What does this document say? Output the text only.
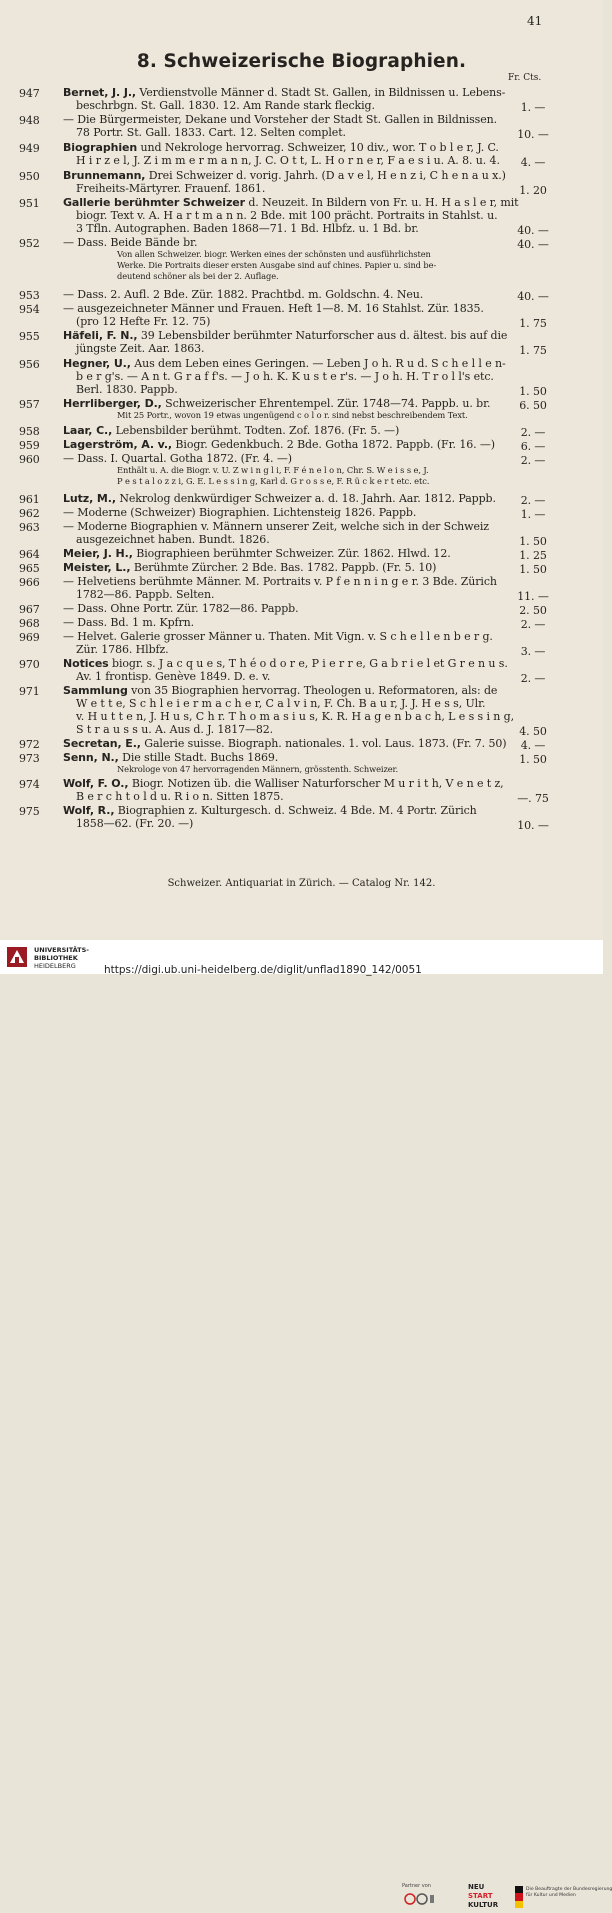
41
8. Schweizerische Biographien.
Fr. Cts.
947 Bernet, J. J., Verdienstvolle Männer d. Stadt St. Gallen, in Bildnissen u. Lebens-
beschrbgn. St. Gall. 1830. 12. Am Rande stark fleckig.	1. —
948 — Die Bürgermeister, Dekane und Vorsteher der Stadt St. Gallen in Bildnissen.
78 Portr. St. Gall. 1833. Cart. 12. Selten complet.	10. —
949 Biographien und Nekrologe hervorrag. Schweizer, 10 div., wor. T o b l e r, J. C.
H i r z e l, J. Z i m m e r m a n n, J. C. O t t, L. H o r n e r, F a e s i u. A. 8. u. 4.	4. —
950 Brunnemann, Drei Schweizer d. vorig. Jahrh. (D a v e l, H e n z i, C h e n a u x.)
Freiheits-Märtyrer. Frauenf. 1861.	1. 20
951 Gallerie berühmter Schweizer d. Neuzeit. In Bildern von Fr. u. H. H a s l e r, mit
biogr. Text v. A. H a r t m a n n. 2 Bde. mit 100 prächt. Portraits in Stahlst. u.
3 Tfln. Autographen. Baden 1868—71. 1 Bd. Hlbfz. u. 1 Bd. br.	40. —
952 — Dass. Beide Bände br.	40. —
Von allen Schweizer. biogr. Werken eines der schönsten und ausführlichsten
Werke. Die Portraits dieser ersten Ausgabe sind auf chines. Papier u. sind be-
deutend schöner als bei der 2. Auflage.
953 — Dass. 2. Aufl. 2 Bde. Zür. 1882. Prachtbd. m. Goldschn. 4. Neu.	40. —
954 — ausgezeichneter Männer und Frauen. Heft 1—8. M. 16 Stahlst. Zür. 1835.
(pro 12 Hefte Fr. 12. 75)	1. 75
955 Häfeli, F. N., 39 Lebensbilder berühmter Naturforscher aus d. ältest. bis auf die
jüngste Zeit. Aar. 1863.	1. 75
956 Hegner, U., Aus dem Leben eines Geringen. — Leben J o h. R u d. S c h e l l e n-
b e r g's. — A n t. G r a f f's. — J o h. K. K u s t e r's. — J o h. H. T r o l l's etc.
Berl. 1830. Pappb.	1. 50
957 Herrliberger, D., Schweizerischer Ehrentempel. Zür. 1748—74. Pappb. u. br.	6. 50
Mit 25 Portr., wovon 19 etwas ungenügend c o l o r. sind nebst beschreibendem Text.
958 Laar, C., Lebensbilder berühmt. Todten. Zof. 1876. (Fr. 5. —)	2. —
959 Lagerström, A. v., Biogr. Gedenkbuch. 2 Bde. Gotha 1872. Pappb. (Fr. 16. —)	6. —
960 — Dass. I. Quartal. Gotha 1872. (Fr. 4. —)	2. —
Enthält u. A. die Biogr. v. U. Z w i n g l i, F. F é n e l o n, Chr. S. W e i s s e, J.
P e s t a l o z z i, G. E. L e s s i n g, Karl d. G r o s s e, F. R ü c k e r t etc. etc.
961 Lutz, M., Nekrolog denkwürdiger Schweizer a. d. 18. Jahrh. Aar. 1812. Pappb.	2. —
962 — Moderne (Schweizer) Biographien. Lichtensteig 1826. Pappb.	1. —
963 — Moderne Biographien v. Männern unserer Zeit, welche sich in der Schweiz
ausgezeichnet haben. Bundt. 1826.	1. 50
964 Meier, J. H., Biographieen berühmter Schweizer. Zür. 1862. Hlwd. 12.	1. 25
965 Meister, L., Berühmte Zürcher. 2 Bde. Bas. 1782. Pappb. (Fr. 5. 10)	1. 50
966 — Helvetiens berühmte Männer. M. Portraits v. P f e n n i n g e r. 3 Bde. Zürich
1782—86. Pappb. Selten.	11. —
967 — Dass. Ohne Portr. Zür. 1782—86. Pappb.	2. 50
968 — Dass. Bd. 1 m. Kpfrn.	2. —
969 — Helvet. Galerie grosser Männer u. Thaten. Mit Vign. v. S c h e l l e n b e r g.
Zür. 1786. Hlbfz.	3. —
970 Notices biogr. s. J a c q u e s, T h é o d o r e, P i e r r e, G a b r i e l et G r e n u s.
Av. 1 frontisp. Genève 1849. D. e. v.	2. —
971 Sammlung von 35 Biographien hervorrag. Theologen u. Reformatoren, als: de
W e t t e, S c h l e i e r m a c h e r, C a l v i n, F. Ch. B a u r, J. J. H e s s, Ulr.
v. H u t t e n, J. H u s, C h r. T h o m a s i u s, K. R. H a g e n b a c h, L e s s i n g,
S t r a u s s u. A. Aus d. J. 1817—82.	4. 50
972 Secretan, E., Galerie suisse. Biograph. nationales. 1. vol. Laus. 1873. (Fr. 7. 50)	4. —
973 Senn, N., Die stille Stadt. Buchs 1869.	1. 50
Nekrologe von 47 hervorragenden Männern, grösstenth. Schweizer.
974 Wolf, F. O., Biogr. Notizen üb. die Walliser Naturforscher M u r i t h, V e n e t z,
B e r c h t o l d u. R i o n. Sitten 1875.	—. 75
975 Wolf, R., Biographien z. Kulturgesch. d. Schweiz. 4 Bde. M. 4 Portr. Zürich
1858—62. (Fr. 20. —)	10. —
Schweizer. Antiquariat in Zürich. — Catalog Nr. 142.
UNIVERSITÄTS-
BIBLIOTHEK
HEIDELBERG
Partner von	NEU
START
KULTUR
Die Beauftragte der Bundesregierung
für Kultur und Medien
https://digi.ub.uni-heidelberg.de/diglit/unflad1890_142/0051
